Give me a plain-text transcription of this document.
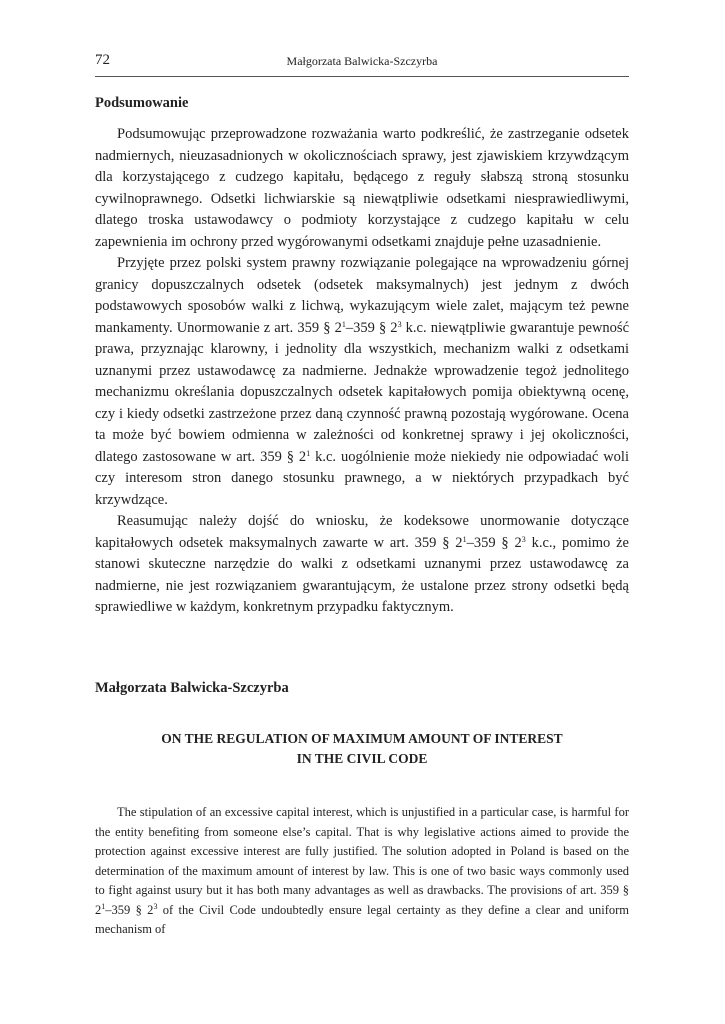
72	Małgorzata Balwicka-Szczyrba
Podsumowanie

Podsumowując przeprowadzone rozważania warto podkreślić, że zastrzeganie odsetek nadmiernych, nieuzasadnionych w okolicznościach sprawy, jest zjawiskiem krzywdzącym dla korzystającego z cudzego kapitału, będącego z reguły słabszą stroną stosunku cywilnoprawnego. Odsetki lichwiarskie są niewątpliwie odsetkami niesprawiedliwymi, dlatego troska ustawodawcy o podmioty korzystające z cudzego kapitału w celu zapewnienia im ochrony przed wygórowanymi odsetkami znajduje pełne uzasadnienie.

Przyjęte przez polski system prawny rozwiązanie polegające na wprowadzeniu górnej granicy dopuszczalnych odsetek (odsetek maksymalnych) jest jednym z dwóch podstawowych sposobów walki z lichwą, wykazującym wiele zalet, mającym też pewne mankamenty. Unormowanie z art. 359 § $2^1-359$ § $2^3$ k.c. niewątpliwie gwarantuje pewność prawa, przyznając klarowny, i jednolity dla wszystkich, mechanizm walki z odsetkami uznanymi przez ustawodawcę za nadmierne. Jednakże wprowadzenie tegoż jednolitego mechanizmu określania dopuszczalnych odsetek kapitałowych pomija obiektywną ocenę, czy i kiedy odsetki zastrzeżone przez daną czynność prawną pozostają wygórowane. Ocena ta może być bowiem odmienna w zależności od konkretnej sprawy i jej okoliczności, dlatego zastosowane w art. 359 § $2^1$ k.c. uogólnienie może niekiedy nie odpowiadać woli czy interesom stron danego stosunku prawnego, a w niektórych przypadkach być krzywdzące.

Reasumując należy dojść do wniosku, że kodeksowe unormowanie dotyczące kapitałowych odsetek maksymalnych zawarte w art. 359 § $2^1-359$ § $2^3$ k.c., pomimo że stanowi skuteczne narzędzie do walki z odsetkami uznanymi przez ustawodawcę za nadmierne, nie jest rozwiązaniem gwarantującym, że ustalone przez strony odsetki będą sprawiedliwe w każdym, konkretnym przypadku faktycznym.

Małgorzata Balwicka-Szczyrba
ON THE REGULATION OF MAXIMUM AMOUNT OF INTEREST
IN THE CIVIL CODE

The stipulation of an excessive capital interest, which is unjustified in a particular case, is harmful for the entity benefiting from someone else’s capital. That is why legislative actions aimed to provide the protection against excessive interest are fully justified. The solution adopted in Poland is based on the determination of the maximum amount of interest by law. This is one of two basic ways commonly used to fight against usury but it has both many advantages as well as drawbacks. The provisions of art. 359 § $2^1-359$ § $2^3$ of the Civil Code undoubtedly ensure legal certainty as they define a clear and uniform mechanism of
